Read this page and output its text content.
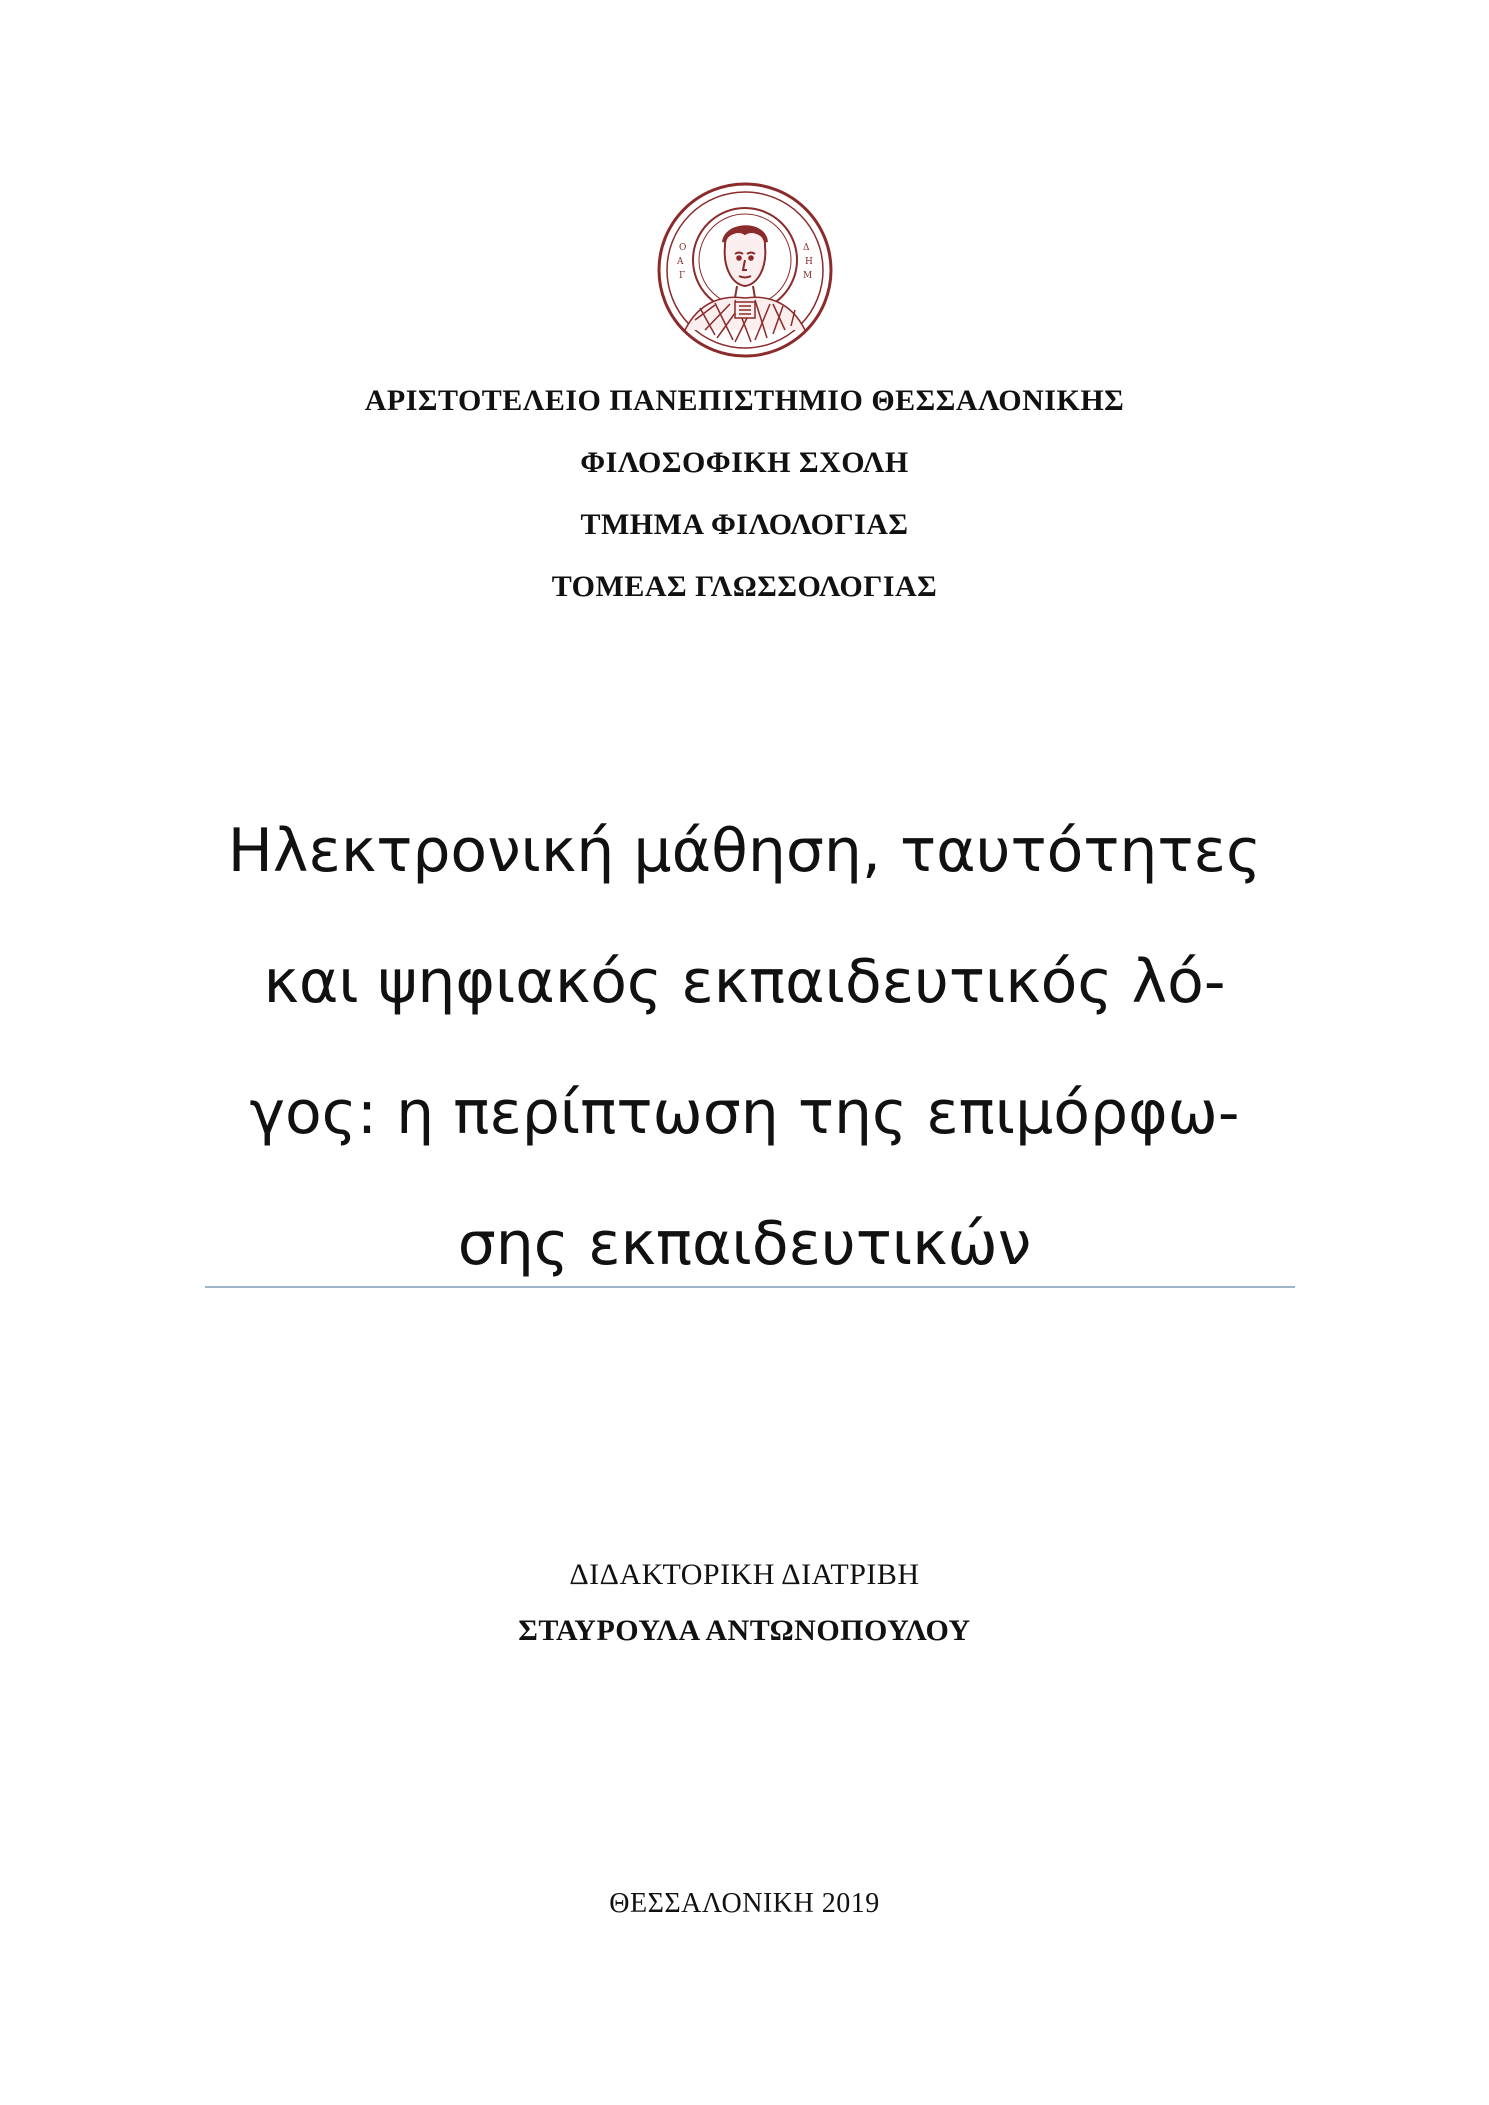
Ο
Α
Γ
Δ
Η
Μ
ΑΡΙΣΤΟΤΕΛΕΙΟ ΠΑΝΕΠΙΣΤΗΜΙΟ ΘΕΣΣΑΛΟΝΙΚΗΣ
ΦΙΛΟΣΟΦΙΚΗ ΣΧΟΛΗ
ΤΜΗΜΑ ΦΙΛΟΛΟΓΙΑΣ
ΤΟΜΕΑΣ ΓΛΩΣΣΟΛΟΓΙΑΣ
Ηλεκτρονική μάθηση, ταυτότητες
και ψηφιακός εκπαιδευτικός λό-
γος: η περίπτωση της επιμόρφω-
σης εκπαιδευτικών
ΔΙΔΑΚΤΟΡΙΚΗ ΔΙΑΤΡΙΒΗ
ΣΤΑΥΡΟΥΛΑ ΑΝΤΩΝΟΠΟΥΛΟΥ
ΘΕΣΣΑΛΟΝΙΚΗ 2019
